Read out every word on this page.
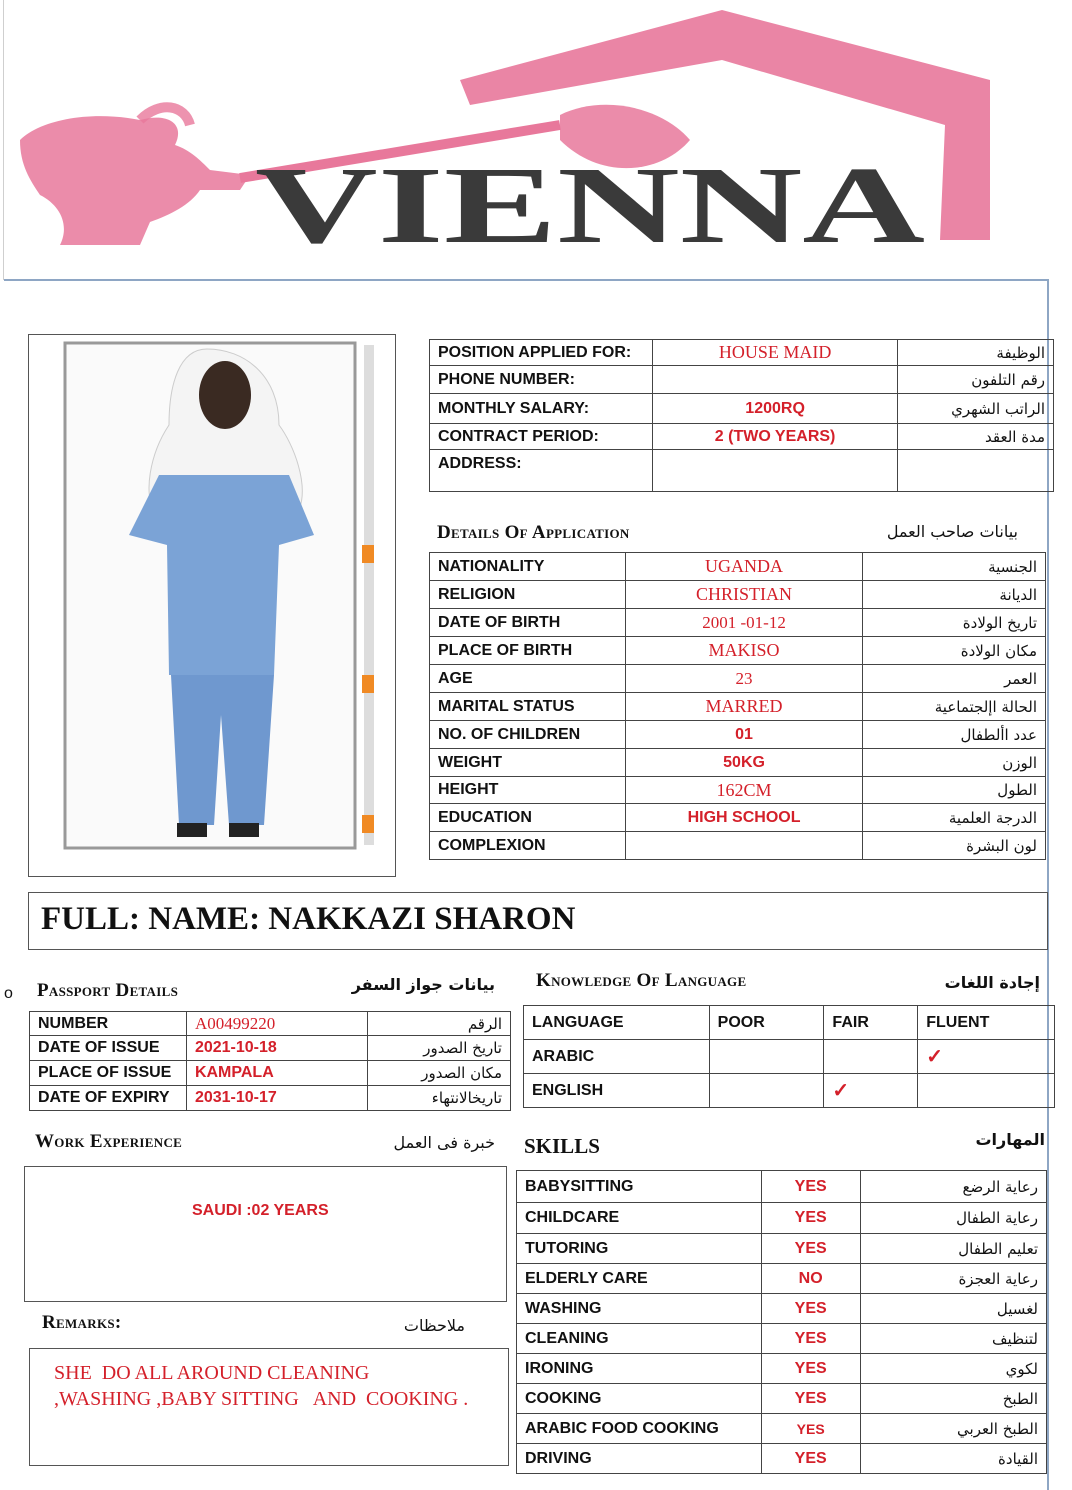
VIENNA
POSITION APPLIED FOR:	HOUSE MAID	الوظيفة
PHONE NUMBER:		رقم التلفون
MONTHLY SALARY:	1200RQ	الراتب الشهري
CONTRACT PERIOD:	2 (TWO YEARS)	مدة العقد
ADDRESS:		
Details Of Application	بيانات صاحب العمل
NATIONALITY	UGANDA	الجنسية
RELIGION	CHRISTIAN	الديانة
DATE OF BIRTH	2001 -01-12	تاريخ الولادة
PLACE OF BIRTH	MAKISO	مكان الولادة
AGE	23	العمر
MARITAL STATUS	MARRED	الحالة اإلجتماعية
NO. OF CHILDREN	01	عدد األطفال
WEIGHT	50KG	الوزن
HEIGHT	162CM	الطول
EDUCATION	HIGH SCHOOL	الدرجة العلمية
COMPLEXION		لون البشرة
FULL: NAME: NAKKAZI SHARON
o Passport Details	بيانات جواز السفر
NUMBER	A00499220	الرقم
DATE OF ISSUE	2021-10-18	تاريخ الصدور
PLACE OF ISSUE	KAMPALA	مكان الصدور
DATE OF EXPIRY	2031-10-17	تاريخالانتهاء
Knowledge Of Language	إجادة اللغات
LANGUAGE	POOR	FAIR	FLUENT
ARABIC			✓
ENGLISH		✓	
Work Experience	خبرة فى العمل
SAUDI :02 YEARS
Remarks:	ملاحظات
SHE  DO ALL AROUND CLEANING
,WASHING ,BABY SITTING   AND  COOKING .
SKILLS	المهارات
BABYSITTING	YES	رعاية الرضع
CHILDCARE	YES	رعاية الطفال
TUTORING	YES	تعليم الطفال
ELDERLY CARE	NO	رعاية العجزة
WASHING	YES	لغسيل
CLEANING	YES	لتنظيف
IRONING	YES	لكوي
COOKING	YES	الطبخ
ARABIC FOOD COOKING	YES	الطبخ العربي
DRIVING	YES	القيادة
